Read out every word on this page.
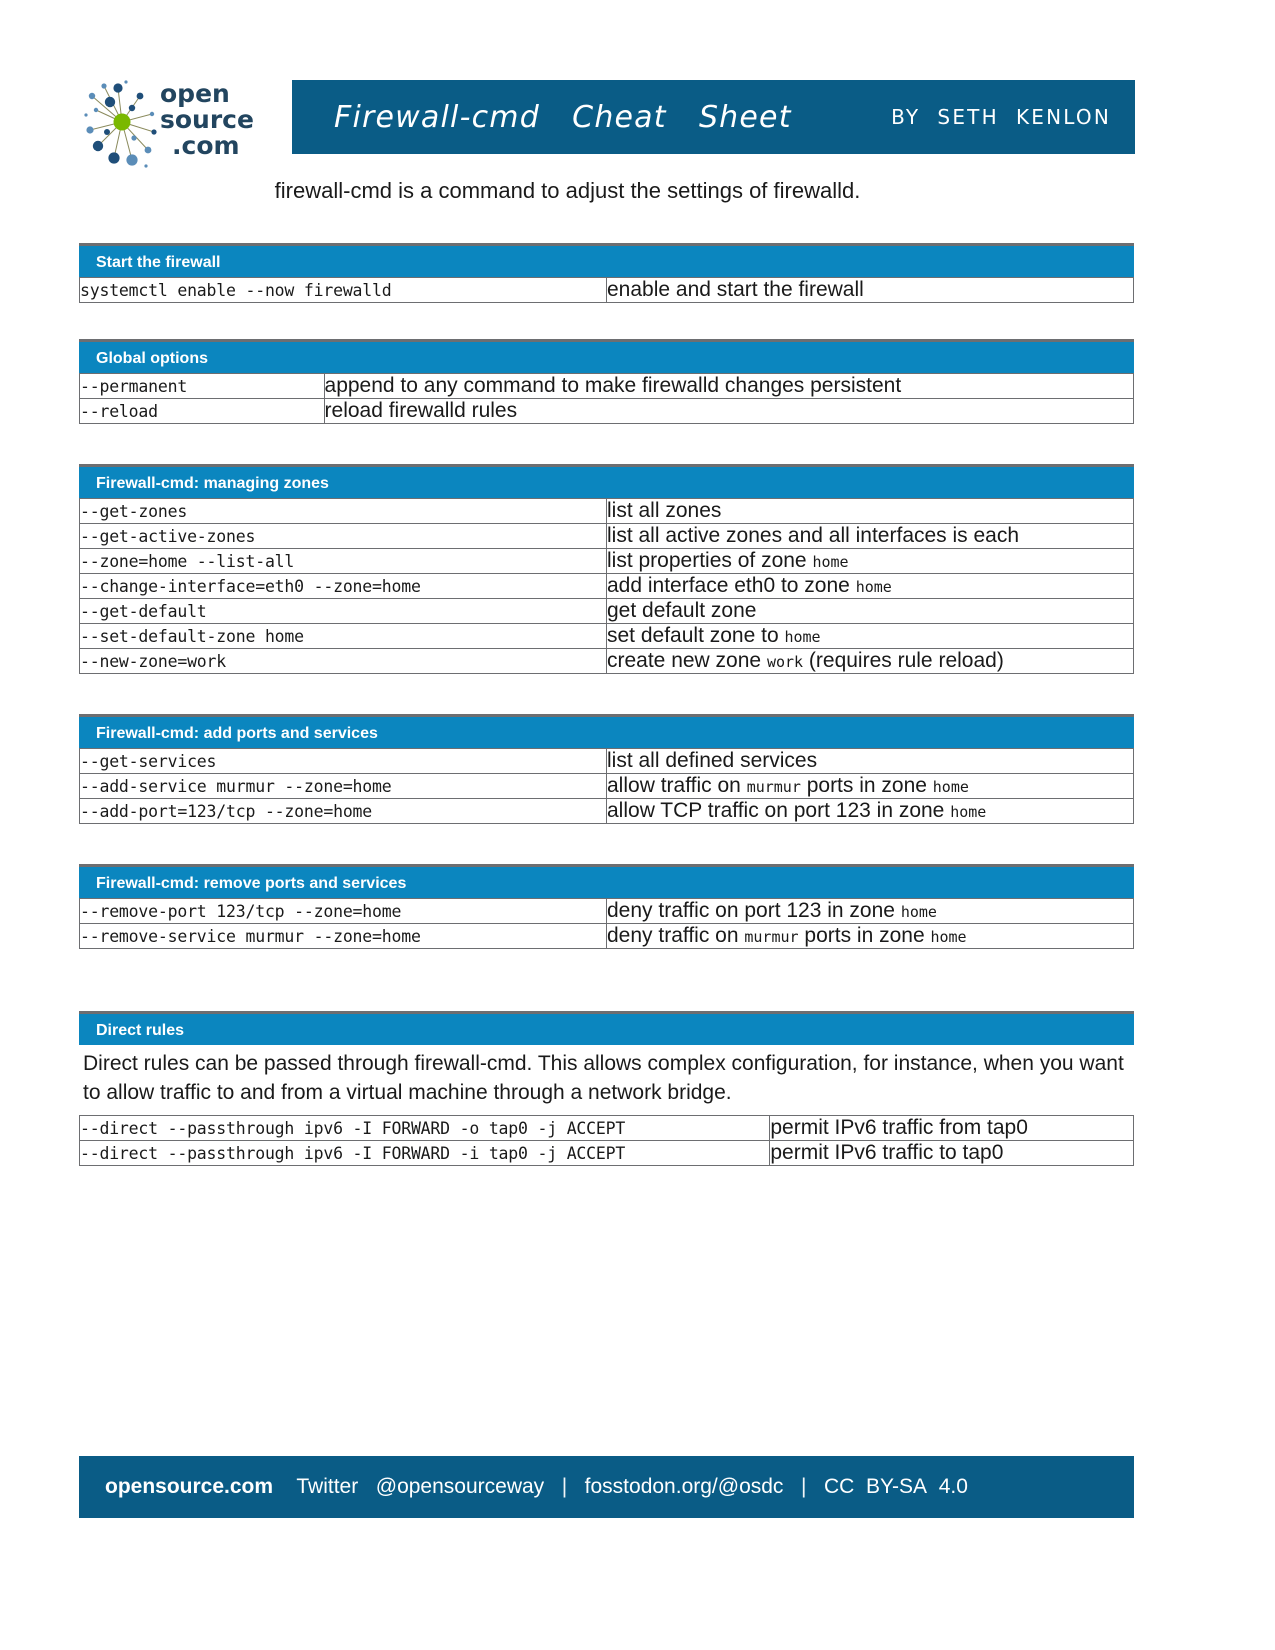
open
source
.com
Firewall-cmd   Cheat   Sheet	BY  SETH  KENLON
firewall-cmd is a command to adjust the settings of firewalld.
Start the firewall
systemctl enable --now firewalld	enable and start the firewall
Global options
--permanent	append to any command to make firewalld changes persistent
--reload	reload firewalld rules
Firewall-cmd: managing zones
--get-zones	list all zones
--get-active-zones	list all active zones and all interfaces is each
--zone=home --list-all	list properties of zone home
--change-interface=eth0 --zone=home	add interface eth0 to zone home
--get-default	get default zone
--set-default-zone home	set default zone to home
--new-zone=work	create new zone work (requires rule reload)
Firewall-cmd: add ports and services
--get-services	list all defined services
--add-service murmur --zone=home	allow traffic on murmur ports in zone home
--add-port=123/tcp --zone=home	allow TCP traffic on port 123 in zone home
Firewall-cmd: remove ports and services
--remove-port 123/tcp --zone=home	deny traffic on port 123 in zone home
--remove-service murmur --zone=home	deny traffic on murmur ports in zone home
Direct rules
Direct rules can be passed through firewall-cmd. This allows complex configuration, for instance, when you want to allow traffic to and from a virtual machine through a network bridge.
--direct --passthrough ipv6 -I FORWARD -o tap0 -j ACCEPT	permit IPv6 traffic from tap0
--direct --passthrough ipv6 -I FORWARD -i tap0 -j ACCEPT	permit IPv6 traffic to tap0
opensource.com
Twitter
@opensourceway
|
fosstodon.org/@osdc
|
CC
BY-SA
4.0
